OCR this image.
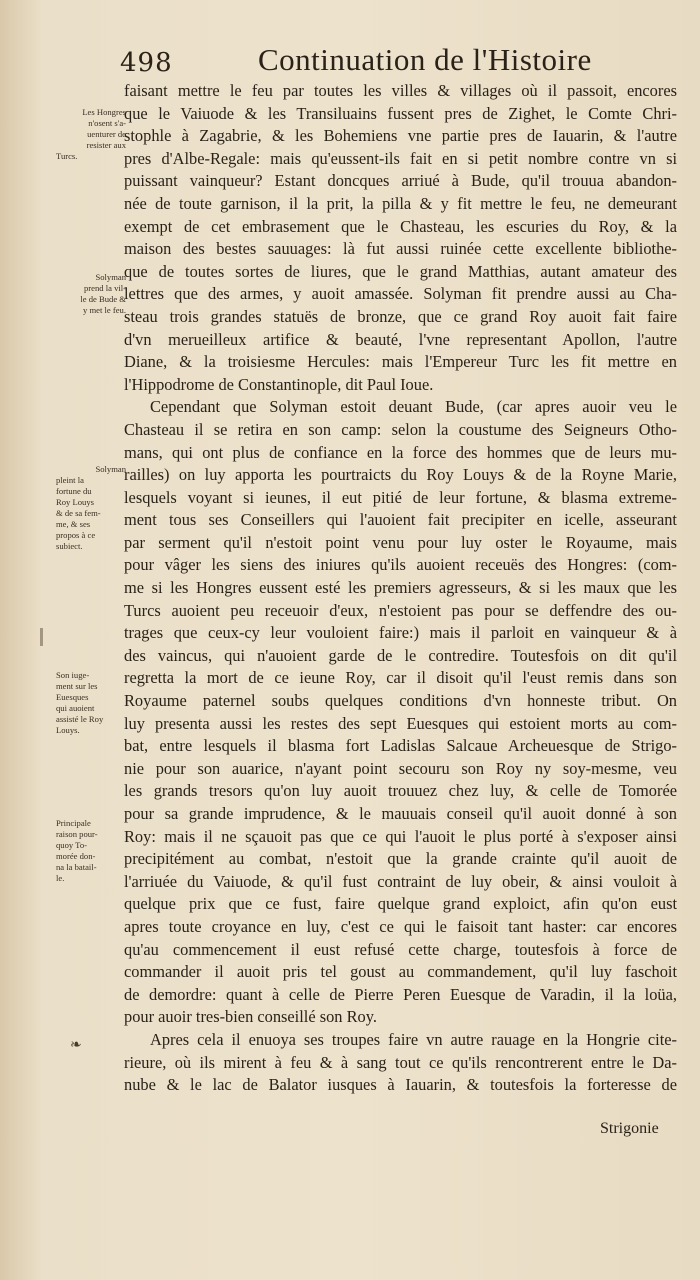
498	Continuation de l'Histoire
Les Hongres
n'osent s'a-
uenturer de
resister aux
Turcs.
Solyman
prend la vil-
le de Bude &
y met le feu.
Solyman
pleint la
fortune du
Roy Louys
& de sa fem-
me, & ses
propos à ce
subiect.
Son iuge-
ment sur les
Euesques
qui auoient
assisté le Roy
Louys.
Principale
raison pour-
quoy To-
morée don-
na la batail-
le.
❧
faisant mettre le feu par toutes les villes & villages où il passoit, encores
que le Vaiuode & les Transiluains fussent pres de Zighet, le Comte Chri-
stophle à Zagabrie, & les Bohemiens vne partie pres de Iauarin, & l'autre
pres d'Albe-Regale: mais qu'eussent-ils fait en si petit nombre contre vn si
puissant vainqueur? Estant doncques arriué à Bude, qu'il trouua abandon-
née de toute garnison, il la prit, la pilla & y fit mettre le feu, ne demeurant
exempt de cet embrasement que le Chasteau, les escuries du Roy, & la
maison des bestes sauuages: là fut aussi ruinée cette excellente bibliothe-
que de toutes sortes de liures, que le grand Matthias, autant amateur des
lettres que des armes, y auoit amassée. Solyman fit prendre aussi au Cha-
steau trois grandes statuës de bronze, que ce grand Roy auoit fait faire
d'vn merueilleux artifice & beauté, l'vne representant Apollon, l'autre
Diane, & la troisiesme Hercules: mais l'Empereur Turc les fit mettre en
l'Hippodrome de Constantinople, dit Paul Ioue.
Cependant que Solyman estoit deuant Bude, (car apres auoir veu le
Chasteau il se retira en son camp: selon la coustume des Seigneurs Otho-
mans, qui ont plus de confiance en la force des hommes que de leurs mu-
railles) on luy apporta les pourtraicts du Roy Louys & de la Royne Marie,
lesquels voyant si ieunes, il eut pitié de leur fortune, & blasma extreme-
ment tous ses Conseillers qui l'auoient fait precipiter en icelle, asseurant
par serment qu'il n'estoit point venu pour luy oster le Royaume, mais
pour vâger les siens des iniures qu'ils auoient receuës des Hongres: (com-
me si les Hongres eussent esté les premiers agresseurs, & si les maux que les
Turcs auoient peu receuoir d'eux, n'estoient pas pour se deffendre des ou-
trages que ceux-cy leur vouloient faire:) mais il parloit en vainqueur & à
des vaincus, qui n'auoient garde de le contredire. Toutesfois on dit qu'il
regretta la mort de ce ieune Roy, car il disoit qu'il l'eust remis dans son
Royaume paternel soubs quelques conditions d'vn honneste tribut. On
luy presenta aussi les restes des sept Euesques qui estoient morts au com-
bat, entre lesquels il blasma fort Ladislas Salcaue Archeuesque de Strigo-
nie pour son auarice, n'ayant point secouru son Roy ny soy-mesme, veu
les grands tresors qu'on luy auoit trouuez chez luy, & celle de Tomorée
pour sa grande imprudence, & le mauuais conseil qu'il auoit donné à son
Roy: mais il ne sçauoit pas que ce qui l'auoit le plus porté à s'exposer ainsi
precipitément au combat, n'estoit que la grande crainte qu'il auoit de
l'arriuée du Vaiuode, & qu'il fust contraint de luy obeir, & ainsi vouloit à
quelque prix que ce fust, faire quelque grand exploict, afin qu'on eust
apres toute croyance en luy, c'est ce qui le faisoit tant haster: car encores
qu'au commencement il eust refusé cette charge, toutesfois à force de
commander il auoit pris tel goust au commandement, qu'il luy faschoit
de demordre: quant à celle de Pierre Peren Euesque de Varadin, il la loüa,
pour auoir tres-bien conseillé son Roy.
Apres cela il enuoya ses troupes faire vn autre rauage en la Hongrie cite-
rieure, où ils mirent à feu & à sang tout ce qu'ils rencontrerent entre le Da-
nube & le lac de Balator iusques à Iauarin, & toutesfois la forteresse de
Strigonie
